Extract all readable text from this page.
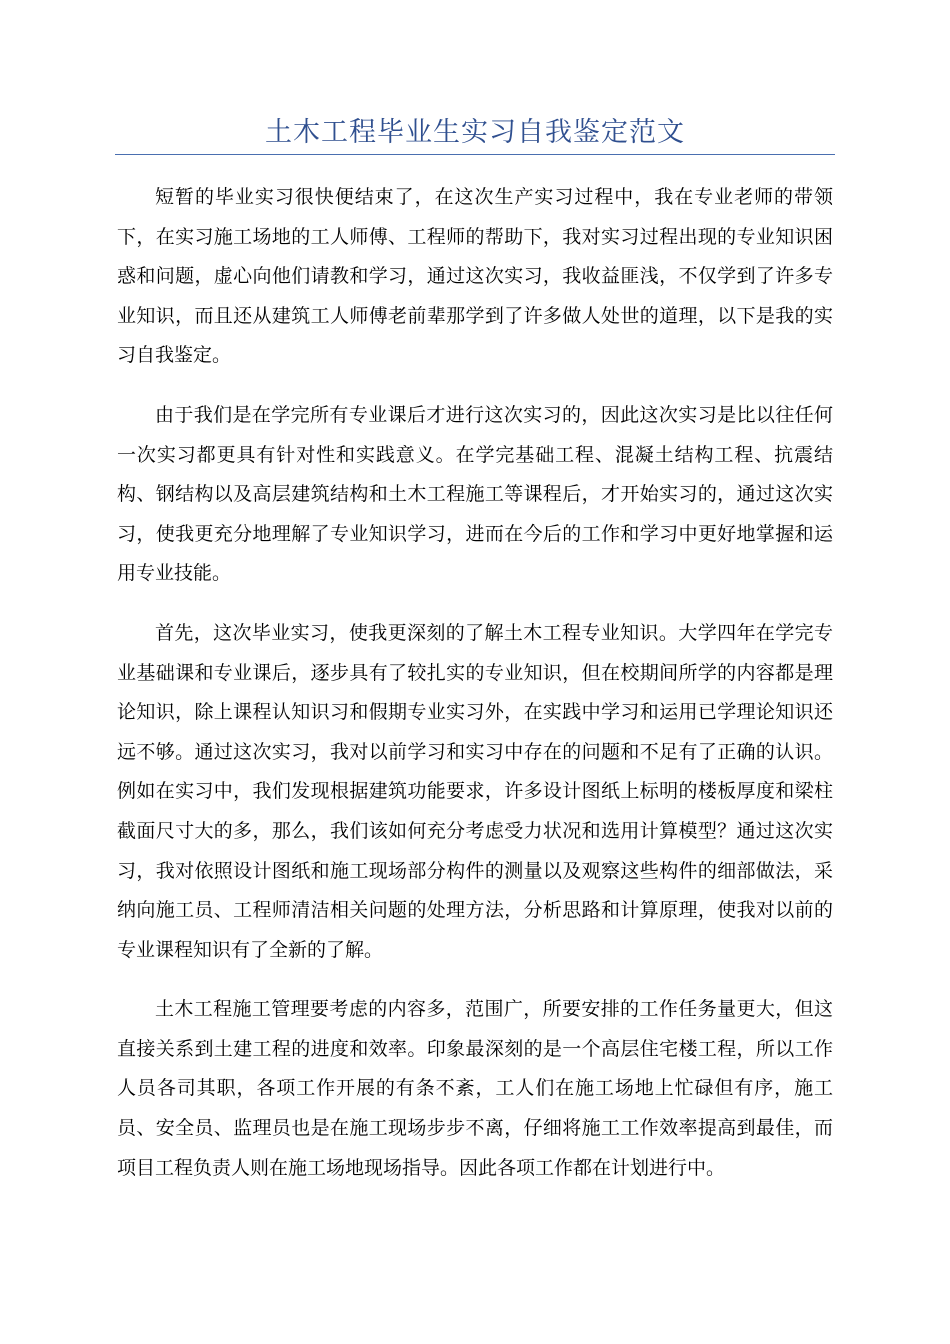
土木工程毕业生实习自我鉴定范文

短暂的毕业实习很快便结束了，在这次生产实习过程中，我在专业老师的带领下，在实习施工场地的工人师傅、工程师的帮助下，我对实习过程出现的专业知识困惑和问题，虚心向他们请教和学习，通过这次实习，我收益匪浅，不仅学到了许多专业知识，而且还从建筑工人师傅老前辈那学到了许多做人处世的道理，以下是我的实习自我鉴定。

由于我们是在学完所有专业课后才进行这次实习的，因此这次实习是比以往任何一次实习都更具有针对性和实践意义。在学完基础工程、混凝土结构工程、抗震结构、钢结构以及高层建筑结构和土木工程施工等课程后，才开始实习的，通过这次实习，使我更充分地理解了专业知识学习，进而在今后的工作和学习中更好地掌握和运用专业技能。

首先，这次毕业实习，使我更深刻的了解土木工程专业知识。大学四年在学完专业基础课和专业课后，逐步具有了较扎实的专业知识，但在校期间所学的内容都是理论知识，除上课程认知识习和假期专业实习外，在实践中学习和运用已学理论知识还远不够。通过这次实习，我对以前学习和实习中存在的问题和不足有了正确的认识。例如在实习中，我们发现根据建筑功能要求，许多设计图纸上标明的楼板厚度和梁柱截面尺寸大的多，那么，我们该如何充分考虑受力状况和选用计算模型？通过这次实习，我对依照设计图纸和施工现场部分构件的测量以及观察这些构件的细部做法，采纳向施工员、工程师清洁相关问题的处理方法，分析思路和计算原理，使我对以前的专业课程知识有了全新的了解。

土木工程施工管理要考虑的内容多，范围广，所要安排的工作任务量更大，但这直接关系到土建工程的进度和效率。印象最深刻的是一个高层住宅楼工程，所以工作人员各司其职，各项工作开展的有条不紊，工人们在施工场地上忙碌但有序，施工员、安全员、监理员也是在施工现场步步不离，仔细将施工工作效率提高到最佳，而项目工程负责人则在施工场地现场指导。因此各项工作都在计划进行中。
